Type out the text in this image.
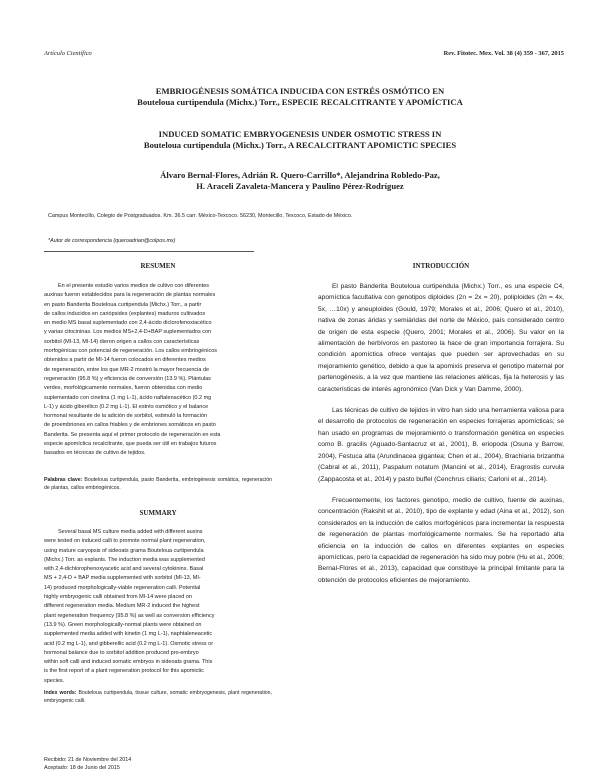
Artículo Científico	Rev. Fitotec. Mex. Vol. 38 (4) 359 - 367, 2015
EMBRIOGÉNESIS SOMÁTICA INDUCIDA CON ESTRÉS OSMÓTICO EN
Bouteloua curtipendula (Michx.) Torr., ESPECIE RECALCITRANTE Y APOMÍCTICA
INDUCED SOMATIC EMBRYOGENESIS UNDER OSMOTIC STRESS IN
Bouteloua curtipendula (Michx.) Torr., A RECALCITRANT APOMICTIC SPECIES
Álvaro Bernal-Flores, Adrián R. Quero-Carrillo*, Alejandrina Robledo-Paz,
H. Araceli Zavaleta-Mancera y Paulino Pérez-Rodríguez
Campus Montecillo, Colegio de Postgraduados. Km. 36.5 carr. México-Texcoco. 56230, Montecillo, Texcoco, Estado de México.
*Autor de correspondencia (queroadrian@colpos.mx)
RESUMEN
En el presente estudio varios medios de cultivo con diferentes
auxinas fueron establecidos para la regeneración de plantas normales
en pasto Banderita Bouteloua curtipendula (Michx.) Torr., a partir
de callos inducidos en cariópsides (explantes) maduros cultivados
en medio MS basal suplementado con 2,4-ácido diclorofenoxiacético
y varias citocininas. Los medios MS+2,4-D+BAP suplementados con
sorbitol (MI-13, MI-14) dieron origen a callos con características
morfogénicas con potencial de regeneración. Los callos embriogénicos
obtenidos a partir de MI-14 fueron colocados en diferentes medios
de regeneración, entre los que MR-2 mostró la mayor frecuencia de
regeneración (95.8 %) y eficiencia de conversión (13.9 %). Plántulas
verdes, morfológicamente normales, fueron obtenidas con medio
suplementado con cinetina (1 mg L-1), ácido naftalenacético (0.2 mg
L-1) y ácido giberélico (0.2 mg L-1). El estrés osmótico y el balance
hormonal resultante de la adición de sorbitol, estimuló la formación
de proembriones en callos friables y de embriones somáticos en pasto
Banderita. Se presenta aquí el primer protocolo de regeneración en esta
especie apomíctica recalcitrante, que pueda ser útil en trabajos futuros
basados en técnicas de cultivo de tejidos.
Palabras clave: Bouteloua curtipendula, pasto Banderita, embriogénesis somática, regeneración de plantas, callos embriogénicos.
SUMMARY
Several basal MS culture media added with different auxins
were tested on induced calli to promote normal plant regeneration,
using mature caryopsis of sideoats grama Bouteloua curtipendula
(Michx.) Torr. as explants. The induction media was supplemented
with 2,4-dichlorophenoxyacetic acid and several cytokinins. Basal
MS + 2,4-D + BAP media supplemented with sorbitol (MI-13, MI-
14) produced morphologically-viable regeneration calli. Potential
highly embryogenic calli obtained from MI-14 were placed on
different regeneration media. Medium MR-2 induced the highest
plant regeneration frequency (95.8 %) as well as conversion efficiency
(13.9 %). Green morphologically-normal plants were obtained on
supplemented media added with kinetin (1 mg L-1), naphtaleneacetic
acid (0.2 mg L-1), and gibberellic acid (0.2 mg L-1). Osmotic stress or
hormonal balance due to sorbitol addition produced pro-embryo
within soft calli and induced somatic embryos in sideoats grama. This
is the first report of a plant regeneration protocol for this apomictic
species.
Index words: Bouteloua curtipendula, tissue culture, somatic embryogenesis, plant regeneration, embryogenic calli.
Recibido: 21 de Noviembre del 2014
Aceptado: 18 de Junio del 2015
INTRODUCCIÓN

El pasto Banderita Bouteloua curtipendula (Michx.) Torr., es una especie C4, apomíctica facultativa con genotipos diploides (2n = 2x = 20), poliploides (2n = 4x, 5x, …10x) y aneuploides (Gould, 1979; Morales et al., 2006; Quero et al., 2010), nativa de zonas áridas y semiáridas del norte de México, país considerado centro de origen de esta especie (Quero, 2001; Morales et al., 2006). Su valor en la alimentación de herbívoros en pastoreo la hace de gran importancia forrajera. Su condición apomíctica ofrece ventajas que pueden ser aprovechadas en su mejoramiento genético, debido a que la apomixis preserva el genotipo maternal por partenogénesis, a la vez que mantiene las relaciones alélicas, fija la heterosis y las características de interés agronómico (Van Dick y Van Damme, 2000).

Las técnicas de cultivo de tejidos in vitro han sido una herramienta valiosa para el desarrollo de protocolos de regeneración en especies forrajeras apomícticas; se han usado en programas de mejoramiento o transformación genética en especies como B. gracilis (Aguado-Santacruz et al., 2001), B. eriopoda (Osuna y Barrow, 2004), Festuca alta (Arundinacea gigantea; Chen et al., 2004), Brachiaria brizantha (Cabral et al., 2011), Paspalum notatum (Mancini et al., 2014), Eragrostis curvula (Zappacosta et al., 2014) y pasto buffel (Cenchrus ciliaris; Carloni et al., 2014).

Frecuentemente, los factores genotipo, medio de cultivo, fuente de auxinas, concentración (Rakshit et al., 2010), tipo de explante y edad (Aina et al., 2012), son considerados en la inducción de callos morfogénicos para incrementar la respuesta de regeneración de plantas morfológicamente normales. Se ha reportado alta eficiencia en la inducción de callos en diferentes explantes en especies apomícticas, pero la capacidad de regeneración ha sido muy pobre (Hu et al., 2006; Bernal-Flores et al., 2013), capacidad que constituye la principal limitante para la obtención de protocolos eficientes de mejoramiento.
